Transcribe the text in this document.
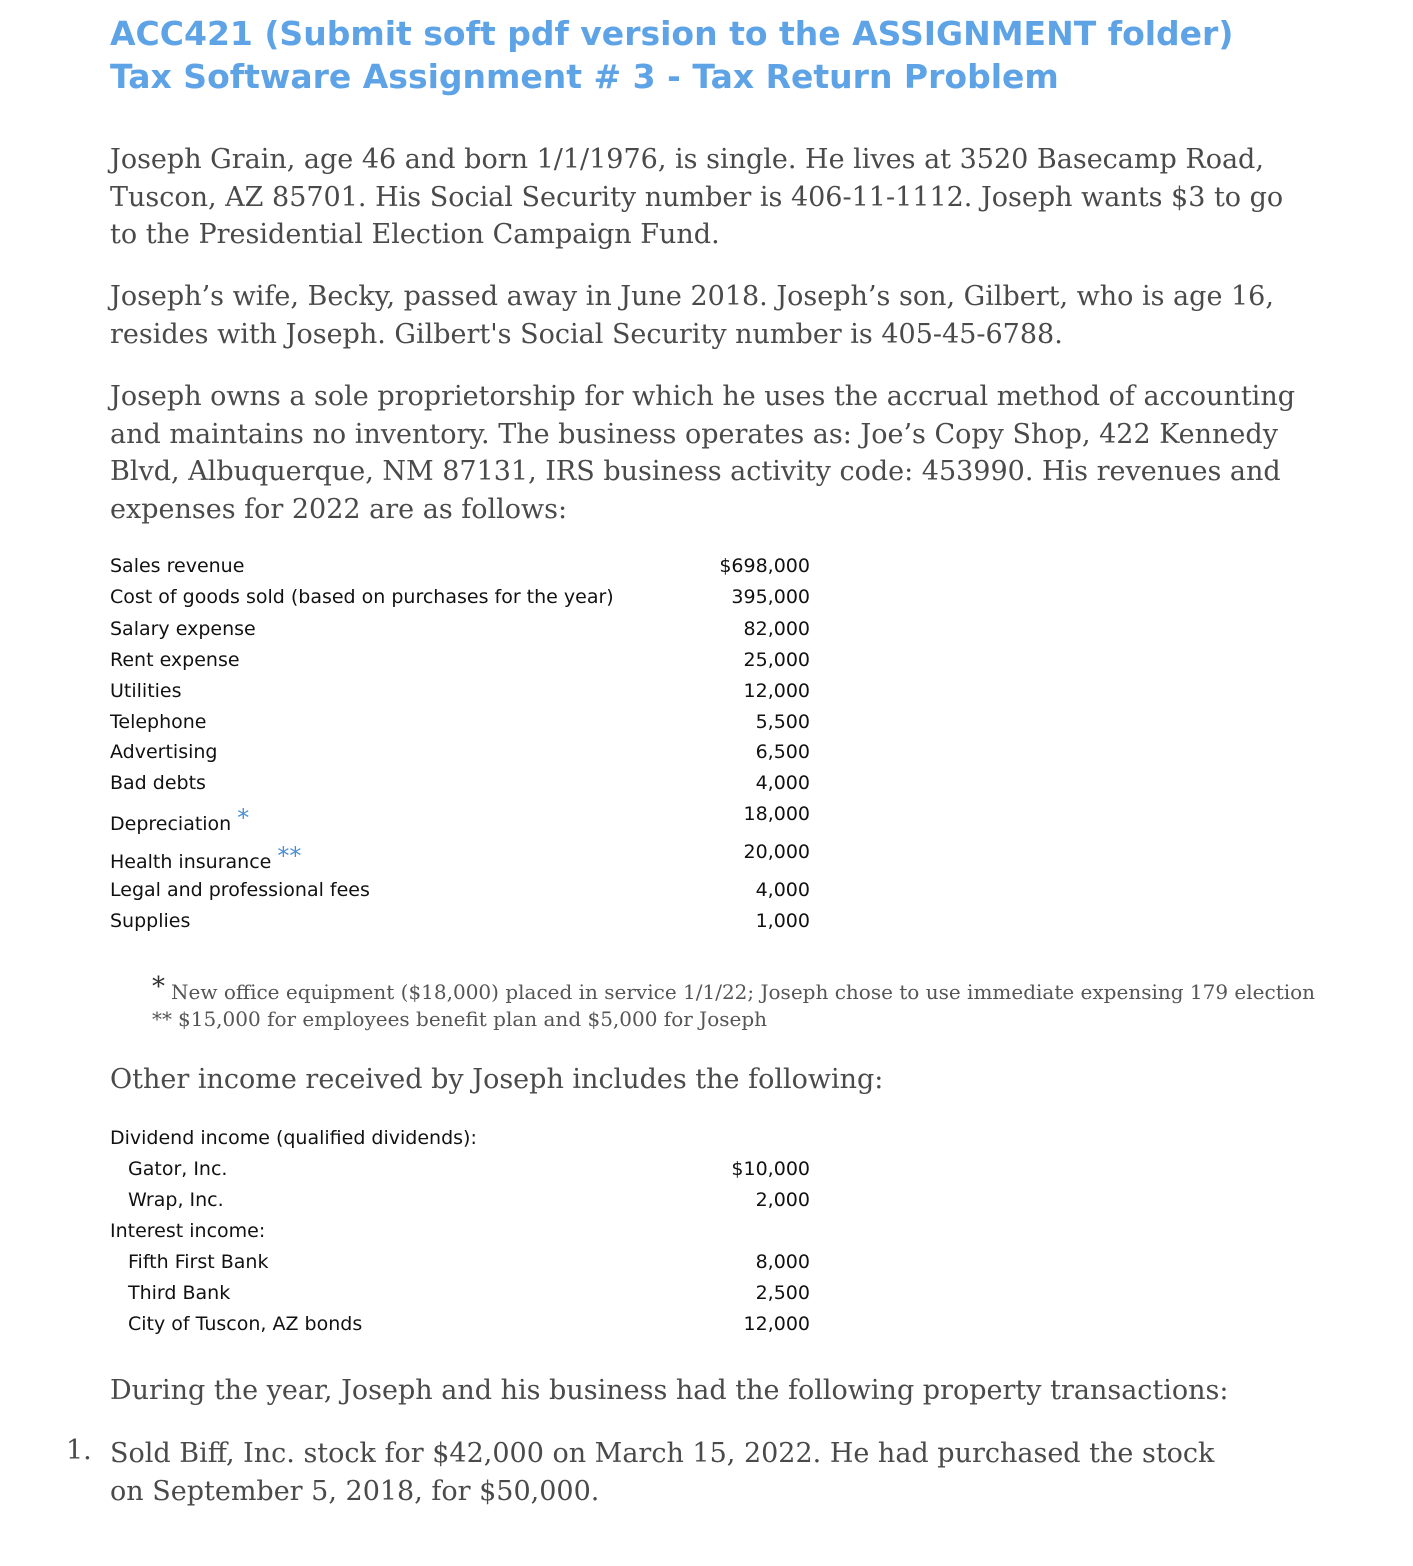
ACC421 (Submit soft pdf version to the ASSIGNMENT folder)
Tax Software Assignment # 3 - Tax Return Problem

Joseph Grain, age 46 and born 1/1/1976, is single. He lives at 3520 Basecamp Road, Tuscon, AZ 85701. His Social Security number is 406-11-1112. Joseph wants $3 to go to the Presidential Election Campaign Fund.

Joseph’s wife, Becky, passed away in June 2018. Joseph’s son, Gilbert, who is age 16, resides with Joseph. Gilbert's Social Security number is 405-45-6788.

Joseph owns a sole proprietorship for which he uses the accrual method of accounting and maintains no inventory. The business operates as: Joe’s Copy Shop, 422 Kennedy Blvd, Albuquerque, NM 87131, IRS business activity code: 453990. His revenues and expenses for 2022 are as follows:

Sales revenue	$698,000
Cost of goods sold (based on purchases for the year)	395,000
Salary expense	82,000
Rent expense	25,000
Utilities	12,000
Telephone	5,500
Advertising	6,500
Bad debts	4,000
Depreciation *	18,000
Health insurance **	20,000
Legal and professional fees	4,000
Supplies	1,000
* New office equipment ($18,000) placed in service 1/1/22; Joseph chose to use immediate expensing 179 election
** $15,000 for employees benefit plan and $5,000 for Joseph

Other income received by Joseph includes the following:

Dividend income (qualified dividends):
Gator, Inc.	$10,000
Wrap, Inc.	2,000
Interest income:
Fifth First Bank	8,000
Third Bank	2,500
City of Tuscon, AZ bonds	12,000

During the year, Joseph and his business had the following property transactions:

1. Sold Biff, Inc. stock for $42,000 on March 15, 2022. He had purchased the stock on September 5, 2018, for $50,000.
